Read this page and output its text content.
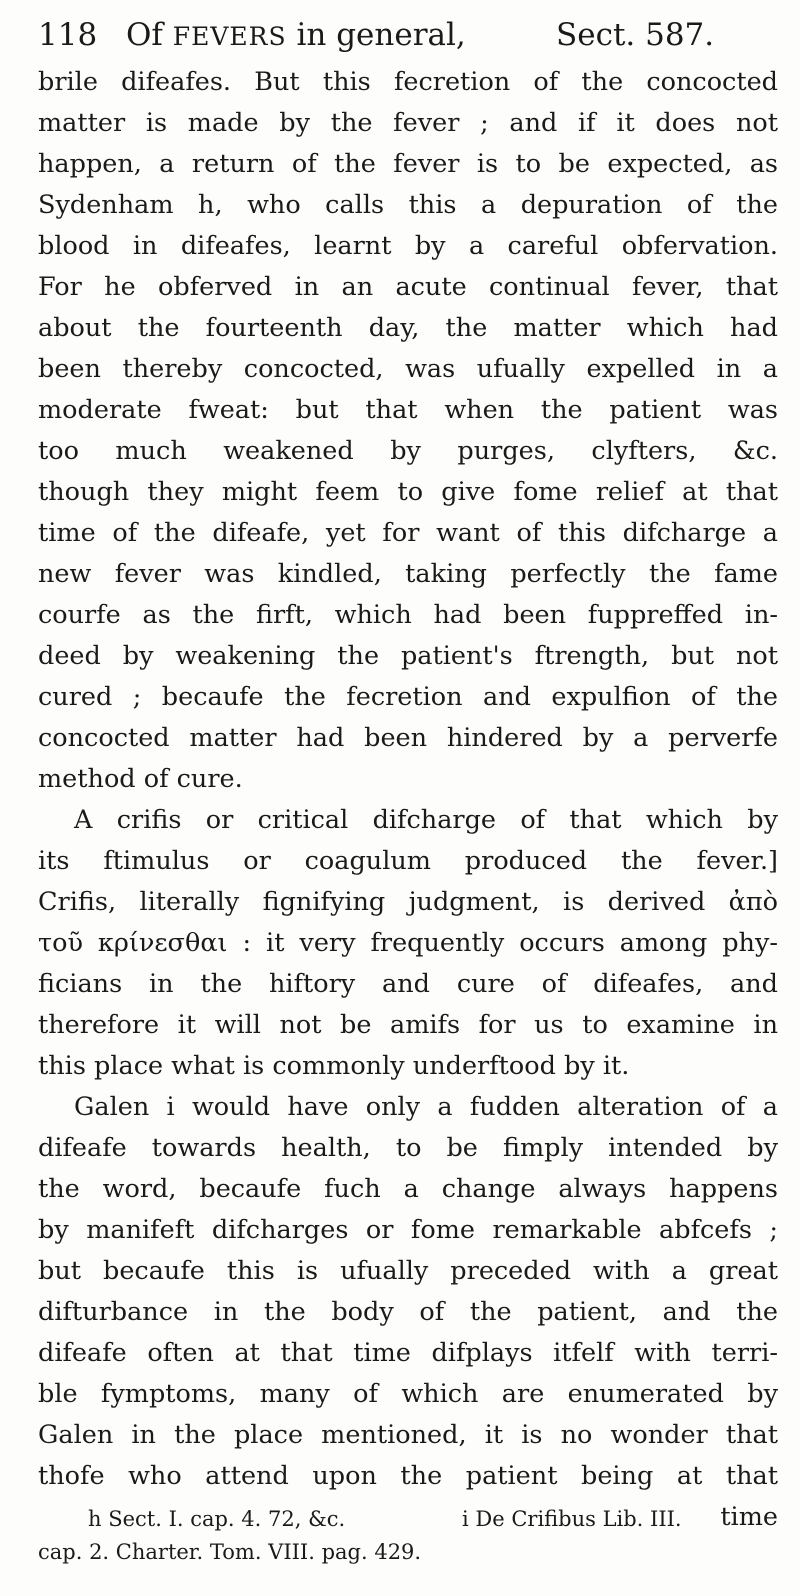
118 Of FEVERS in general,	Sect. 587.
brile difeafes. But this fecretion of the concocted
matter is made by the fever ; and if it does not
happen, a return of the fever is to be expected, as
Sydenham h, who calls this a depuration of the
blood in difeafes, learnt by a careful obfervation.
For he obferved in an acute continual fever, that
about the fourteenth day, the matter which had
been thereby concocted, was ufually expelled in a
moderate fweat: but that when the patient was
too much weakened by purges, clyfters, &c.
though they might feem to give fome relief at that
time of the difeafe, yet for want of this difcharge a
new fever was kindled, taking perfectly the fame
courfe as the firft, which had been fuppreffed in-
deed by weakening the patient's ftrength, but not
cured ; becaufe the fecretion and expulfion of the
concocted matter had been hindered by a perverfe
method of cure.
A crifis or critical difcharge of that which by
its ftimulus or coagulum produced the fever.]
Crifis, literally fignifying judgment, is derived ἀπὸ
τοῦ κρίνεσθαι : it very frequently occurs among phy-
ficians in the hiftory and cure of difeafes, and
therefore it will not be amifs for us to examine in
this place what is commonly underftood by it.
Galen i would have only a fudden alteration of a
difeafe towards health, to be fimply intended by
the word, becaufe fuch a change always happens
by manifeft difcharges or fome remarkable abfcefs ;
but becaufe this is ufually preceded with a great
difturbance in the body of the patient, and the
difeafe often at that time difplays itfelf with terri-
ble fymptoms, many of which are enumerated by
Galen in the place mentioned, it is no wonder that
thofe who attend upon the patient being at that
time
h Sect. I. cap. 4. 72, &c.	i De Crifibus Lib. III.
cap. 2. Charter. Tom. VIII. pag. 429.
